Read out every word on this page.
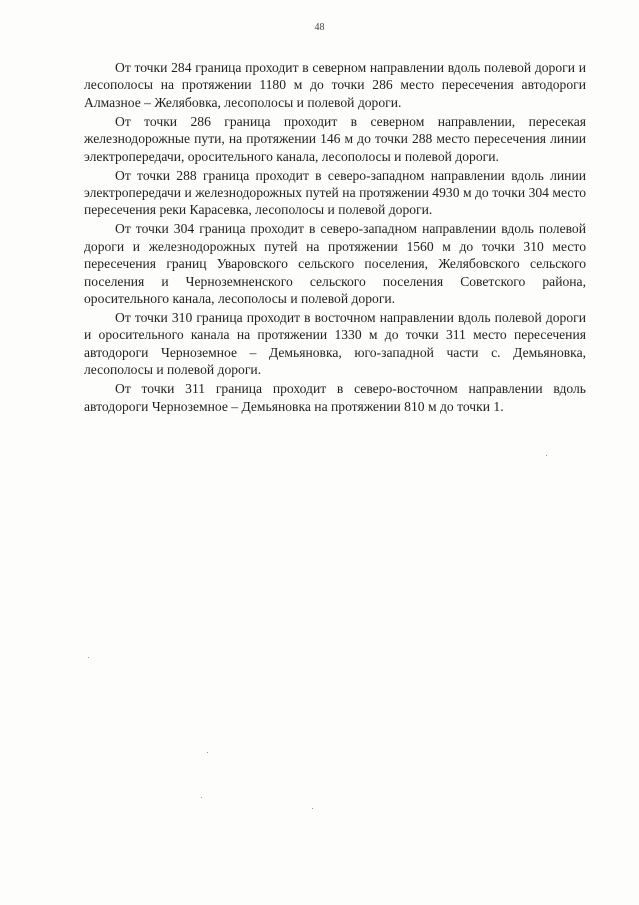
48

От точки 284 граница проходит в северном направлении вдоль полевой дороги и лесополосы на протяжении 1180 м до точки 286 место пересечения автодороги Алмазное – Желябовка, лесополосы и полевой дороги.

От точки 286 граница проходит в северном направлении, пересекая железнодорожные пути, на протяжении 146 м до точки 288 место пересечения линии электропередачи, оросительного канала, лесополосы и полевой дороги.

От точки 288 граница проходит в северо-западном направлении вдоль линии электропередачи и железнодорожных путей на протяжении 4930 м до точки 304 место пересечения реки Карасевка, лесополосы и полевой дороги.

От точки 304 граница проходит в северо-западном направлении вдоль полевой дороги и железнодорожных путей на протяжении 1560 м до точки 310 место пересечения границ Уваровского сельского поселения, Желябовского сельского поселения и Черноземненского сельского поселения Советского района, оросительного канала, лесополосы и полевой дороги.

От точки 310 граница проходит в восточном направлении вдоль полевой дороги и оросительного канала на протяжении 1330 м до точки 311 место пересечения автодороги Черноземное – Демьяновка, юго-западной части с. Демьяновка, лесополосы и полевой дороги.

От точки 311 граница проходит в северо-восточном направлении вдоль автодороги Черноземное – Демьяновка на протяжении 810 м до точки 1.
